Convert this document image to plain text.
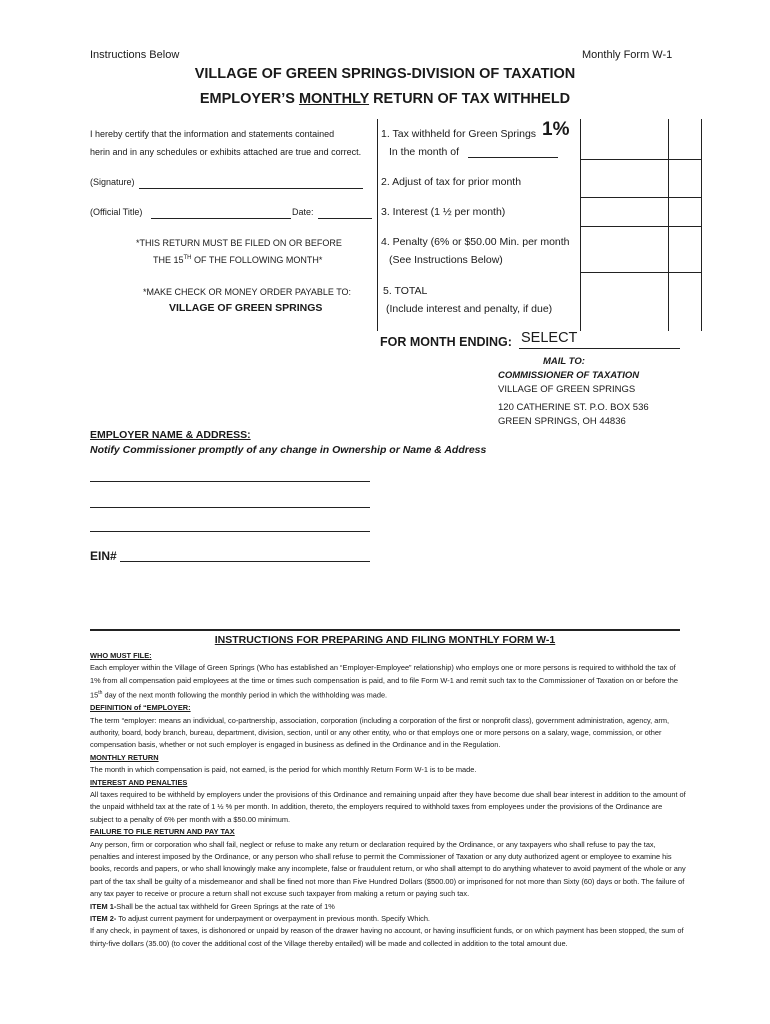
Instructions Below	Monthly Form W-1
VILLAGE OF GREEN SPRINGS-DIVISION OF TAXATION
EMPLOYER’S MONTHLY RETURN OF TAX WITHHELD
I hereby certify that the information and statements contained
herin and in any schedules or exhibits attached are true and correct.
(Signature)
(Official Title)	Date:
*THIS RETURN MUST BE FILED ON OR BEFORE
THE 15TH OF THE FOLLOWING MONTH*
*MAKE CHECK OR MONEY ORDER PAYABLE TO:
VILLAGE OF GREEN SPRINGS
1. Tax withheld for Green Springs 1%
In the month of
2. Adjust of tax for prior month
3. Interest (1 ½ per month)
4. Penalty (6% or $50.00 Min. per month
(See Instructions Below)
5. TOTAL
(Include interest and penalty, if due)
FOR MONTH ENDING: SELECT
MAIL TO:
COMMISSIONER OF TAXATION
VILLAGE OF GREEN SPRINGS
120 CATHERINE ST. P.O. BOX 536
GREEN SPRINGS, OH 44836
EMPLOYER NAME & ADDRESS:
Notify Commissioner promptly of any change in Ownership or Name & Address
EIN#
INSTRUCTIONS FOR PREPARING AND FILING MONTHLY FORM W-1

WHO MUST FILE:

Each employer within the Village of Green Springs (Who has established an “Employer-Employee” relationship) who employs one or more persons is required to withhold the tax of 1% from all compensation paid employees at the time or times such compensation is paid, and to file Form W-1 and remit such tax to the Commissioner of Taxation on or before the 15th day of the next month following the monthly period in which the withholding was made.

DEFINITION of “EMPLOYER:

The term “employer: means an individual, co-partnership, association, corporation (including a corporation of the first or nonprofit class), government administration, agency, arm, authority, board, body branch, bureau, department, division, section, until or any other entity, who or that employs one or more persons on a salary, wage, commission, or other compensation basis, whether or not such employer is engaged in business as defined in the Ordinance and in the Regulation.

MONTHLY RETURN

The month in which compensation is paid, not earned, is the period for which monthly Return Form W-1 is to be made.

INTEREST AND PENALTIES

All taxes required to be withheld by employers under the provisions of this Ordinance and remaining unpaid after they have become due shall bear interest in addition to the amount of the unpaid withheld tax at the rate of 1 ½ % per month. In addition, thereto, the employers required to withhold taxes from employees under the provisions of the Ordinance are subject to a penalty of 6% per month with a $50.00 minimum.

FAILURE TO FILE RETURN AND PAY TAX

Any person, firm or corporation who shall fail, neglect or refuse to make any return or declaration required by the Ordinance, or any taxpayers who shall refuse to pay the tax, penalties and interest imposed by the Ordinance, or any person who shall refuse to permit the Commissioner of Taxation or any duty authorized agent or employee to examine his books, records and papers, or who shall knowingly make any incomplete, false or fraudulent return, or who shall attempt to do anything whatever to avoid payment of the whole or any part of the tax shall be guilty of a misdemeanor and shall be fined not more than Five Hundred Dollars ($500.00) or imprisoned for not more than Sixty (60) days or both. The failure of any tax payer to receive or procure a return shall not excuse such taxpayer from making a return or paying such tax.

ITEM 1-Shall be the actual tax withheld for Green Springs at the rate of 1%

ITEM 2- To adjust current payment for underpayment or overpayment in previous month. Specify Which.

If any check, in payment of taxes, is dishonored or unpaid by reason of the drawer having no account, or having insufficient funds, or on which payment has been stopped, the sum of thirty-five dollars (35.00) (to cover the additional cost of the Village thereby entailed) will be made and collected in addition to the total amount due.
